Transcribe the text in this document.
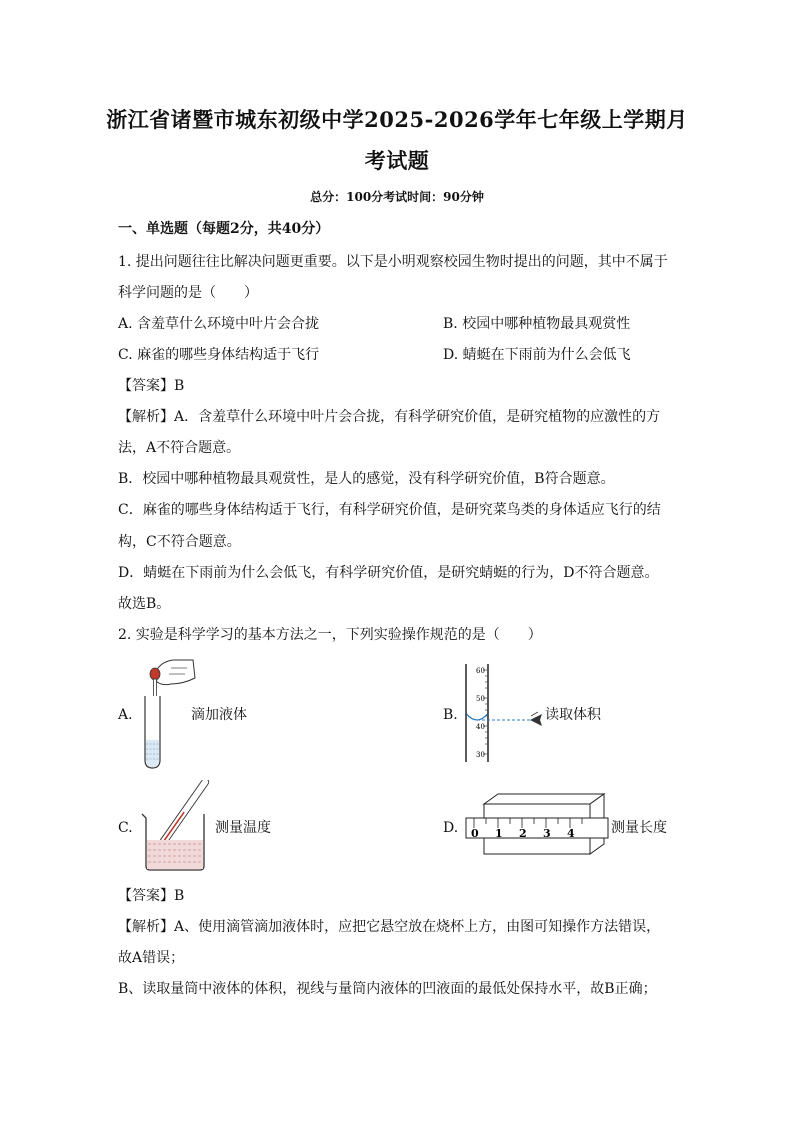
浙江省诸暨市城东初级中学2025-2026学年七年级上学期月
考试题
总分：100分考试时间：90分钟
一、单选题（每题2分，共40分）
1. 提出问题往往比解决问题更重要。以下是小明观察校园生物时提出的问题，其中不属于
科学问题的是（　　）
A. 含羞草什么环境中叶片会合拢	B. 校园中哪种植物最具观赏性
C. 麻雀的哪些身体结构适于飞行	D. 蜻蜓在下雨前为什么会低飞
【答案】B
【解析】A．含羞草什么环境中叶片会合拢，有科学研究价值，是研究植物的应激性的方
法，A不符合题意。
B．校园中哪种植物最具观赏性，是人的感觉，没有科学研究价值，B符合题意。
C．麻雀的哪些身体结构适于飞行，有科学研究价值，是研究菜鸟类的身体适应飞行的结
构，C不符合题意。
D．蜻蜓在下雨前为什么会低飞，有科学研究价值，是研究蜻蜓的行为，D不符合题意。
故选B。
2. 实验是科学学习的基本方法之一，下列实验操作规范的是（　　）
A.	滴加液体	B.
60
50
40
30
读取体积
C.	测量温度	D. 0 1 2 3 4	测量长度
【答案】B
【解析】A、使用滴管滴加液体时，应把它悬空放在烧杯上方，由图可知操作方法错误，
故A错误；
B、读取量筒中液体的体积，视线与量筒内液体的凹液面的最低处保持水平，故B正确；
